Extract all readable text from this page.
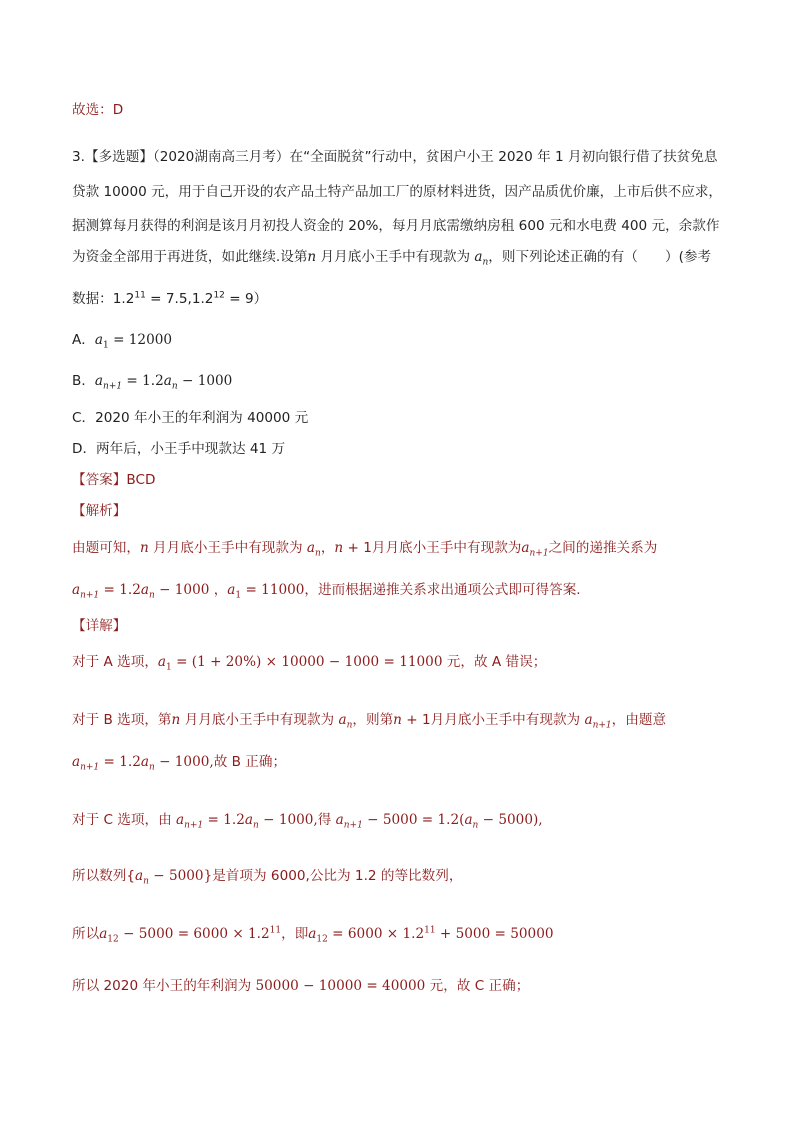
故选：D
3.【多选题】（2020湖南高三月考）在“全面脱贫”行动中，贫困户小王 2020 年 1 月初向银行借了扶贫免息
贷款 10000 元，用于自己开设的农产品土特产品加工厂的原材料进货，因产品质优价廉，上市后供不应求，
据测算每月获得的利润是该月月初投人资金的 20%，每月月底需缴纳房租 600 元和水电费 400 元，余款作
为资金全部用于再进货，如此继续.设第n 月月底小王手中有现款为 $a_n$，则下列论述正确的有（　　）(参考
数据：$1.2^{11} = 7.5,1.2^{12} = 9$）
A．$a_1 = 12000$
B．$a_{n+1} = 1.2a_n - 1000$
C．2020 年小王的年利润为 40000 元
D．两年后，小王手中现款达 41 万
【答案】BCD
【解析】
由题可知，n 月月底小王手中有现款为 $a_n$，n + 1月月底小王手中有现款为$a_{n+1}$之间的递推关系为
$a_{n+1} = 1.2a_n - 1000$ ，$a_1 = 11000$，进而根据递推关系求出通项公式即可得答案.
【详解】
对于 A 选项，$a_1 = (1 + 20\%) \times 10000 - 1000 = 11000$ 元，故 A 错误；
对于 B 选项，第n 月月底小王手中有现款为 $a_n$，则第n + 1月月底小王手中有现款为 $a_{n+1}$，由题意
$a_{n+1} = 1.2a_n - 1000$,故 B 正确；
对于 C 选项，由 $a_{n+1} = 1.2a_n - 1000$,得 $a_{n+1} - 5000 = 1.2(a_n - 5000)$,
所以数列$\{a_n - 5000\}$是首项为 6000,公比为 1.2 的等比数列，
所以$a_{12} - 5000 = 6000 \times 1.2^{11}$，即$a_{12} = 6000 \times 1.2^{11} + 5000 = 50000$
所以 2020 年小王的年利润为 50000 − 10000 = 40000 元，故 C 正确；
